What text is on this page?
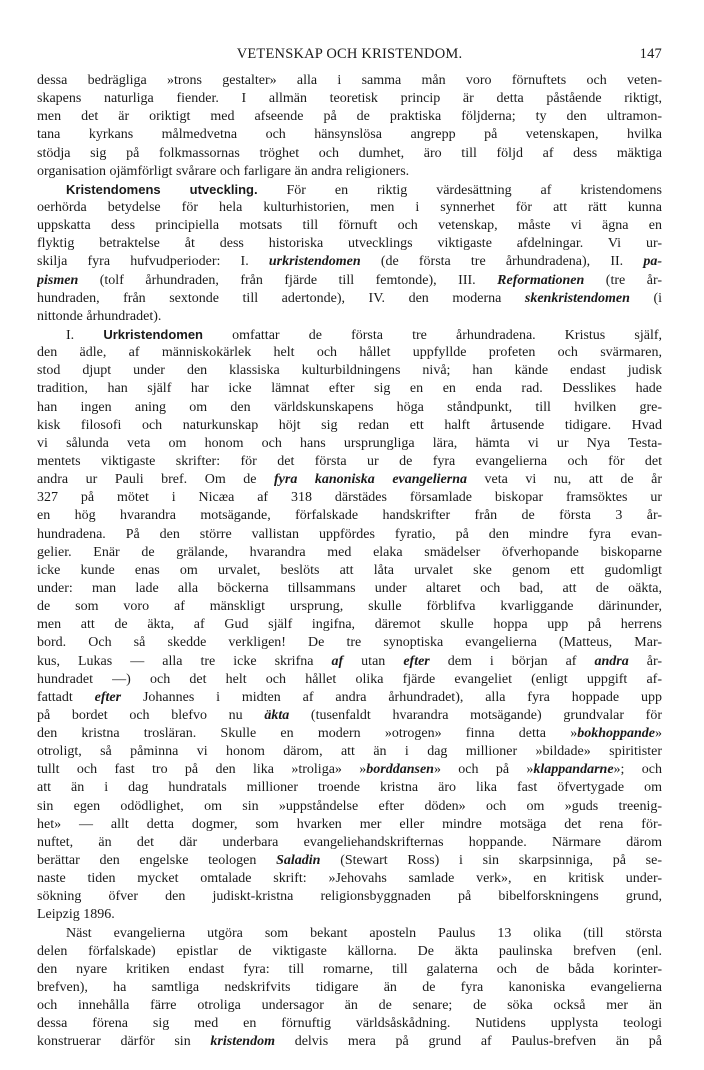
VETENSKAP OCH KRISTENDOM.	147
dessa bedrägliga »trons gestalter» alla i samma mån voro förnuftets och veten-
skapens naturliga fiender. I allmän teoretisk princip är detta påstående riktigt,
men det är oriktigt med afseende på de praktiska följderna; ty den ultramon-
tana kyrkans målmedvetna och hänsynslösa angrepp på vetenskapen, hvilka
stödja sig på folkmassornas tröghet och dumhet, äro till följd af dess mäktiga
organisation ojämförligt svårare och farligare än andra religioners.
Kristendomens utveckling. För en riktig värdesättning af kristendomens
oerhörda betydelse för hela kulturhistorien, men i synnerhet för att rätt kunna
uppskatta dess principiella motsats till förnuft och vetenskap, måste vi ägna en
flyktig betraktelse åt dess historiska utvecklings viktigaste afdelningar. Vi ur-
skilja fyra hufvudperioder: I. urkristendomen (de första tre århundradena), II. pa-
pismen (tolf århundraden, från fjärde till femtonde), III. Reformationen (tre år-
hundraden, från sextonde till adertonde), IV. den moderna skenkristendomen (i
nittonde århundradet).
I. Urkristendomen omfattar de första tre århundradena. Kristus själf,
den ädle, af människokärlek helt och hållet uppfyllde profeten och svärmaren,
stod djupt under den klassiska kulturbildningens nivå; han kände endast judisk
tradition, han själf har icke lämnat efter sig en en enda rad. Desslikes hade
han ingen aning om den världskunskapens höga ståndpunkt, till hvilken gre-
kisk filosofi och naturkunskap höjt sig redan ett halft årtusende tidigare. Hvad
vi sålunda veta om honom och hans ursprungliga lära, hämta vi ur Nya Testa-
mentets viktigaste skrifter: för det första ur de fyra evangelierna och för det
andra ur Pauli bref. Om de fyra kanoniska evangelierna veta vi nu, att de år
327 på mötet i Nicæa af 318 därstädes församlade biskopar framsöktes ur
en hög hvarandra motsägande, förfalskade handskrifter från de första 3 år-
hundradena. På den större vallistan uppfördes fyratio, på den mindre fyra evan-
gelier. Enär de grälande, hvarandra med elaka smädelser öfverhopande biskoparne
icke kunde enas om urvalet, beslöts att låta urvalet ske genom ett gudomligt
under: man lade alla böckerna tillsammans under altaret och bad, att de oäkta,
de som voro af mänskligt ursprung, skulle förblifva kvarliggande därinunder,
men att de äkta, af Gud själf ingifna, däremot skulle hoppa upp på herrens
bord. Och så skedde verkligen! De tre synoptiska evangelierna (Matteus, Mar-
kus, Lukas — alla tre icke skrifna af utan efter dem i början af andra år-
hundradet —) och det helt och hållet olika fjärde evangeliet (enligt uppgift af-
fattadt efter Johannes i midten af andra århundradet), alla fyra hoppade upp
på bordet och blefvo nu äkta (tusenfaldt hvarandra motsägande) grundvalar för
den kristna trosläran. Skulle en modern »otrogen» finna detta »bokhoppande»
otroligt, så påminna vi honom därom, att än i dag millioner »bildade» spiritister
tullt och fast tro på den lika »troliga» »borddansen» och på »klappandarne»; och
att än i dag hundratals millioner troende kristna äro lika fast öfvertygade om
sin egen odödlighet, om sin »uppståndelse efter döden» och om »guds treenig-
het» — allt detta dogmer, som hvarken mer eller mindre motsäga det rena för-
nuftet, än det där underbara evangeliehandskrifternas hoppande. Närmare därom
berättar den engelske teologen Saladin (Stewart Ross) i sin skarpsinniga, på se-
naste tiden mycket omtalade skrift: »Jehovahs samlade verk», en kritisk under-
sökning öfver den judiskt-kristna religionsbyggnaden på bibelforskningens grund,
Leipzig 1896.
Näst evangelierna utgöra som bekant aposteln Paulus 13 olika (till största
delen förfalskade) epistlar de viktigaste källorna. De äkta paulinska brefven (enl.
den nyare kritiken endast fyra: till romarne, till galaterna och de båda korinter-
brefven), ha samtliga nedskrifvits tidigare än de fyra kanoniska evangelierna
och innehålla färre otroliga undersagor än de senare; de söka också mer än
dessa förena sig med en förnuftig världsåskådning. Nutidens upplysta teologi
konstruerar därför sin kristendom delvis mera på grund af Paulus-brefven än på
